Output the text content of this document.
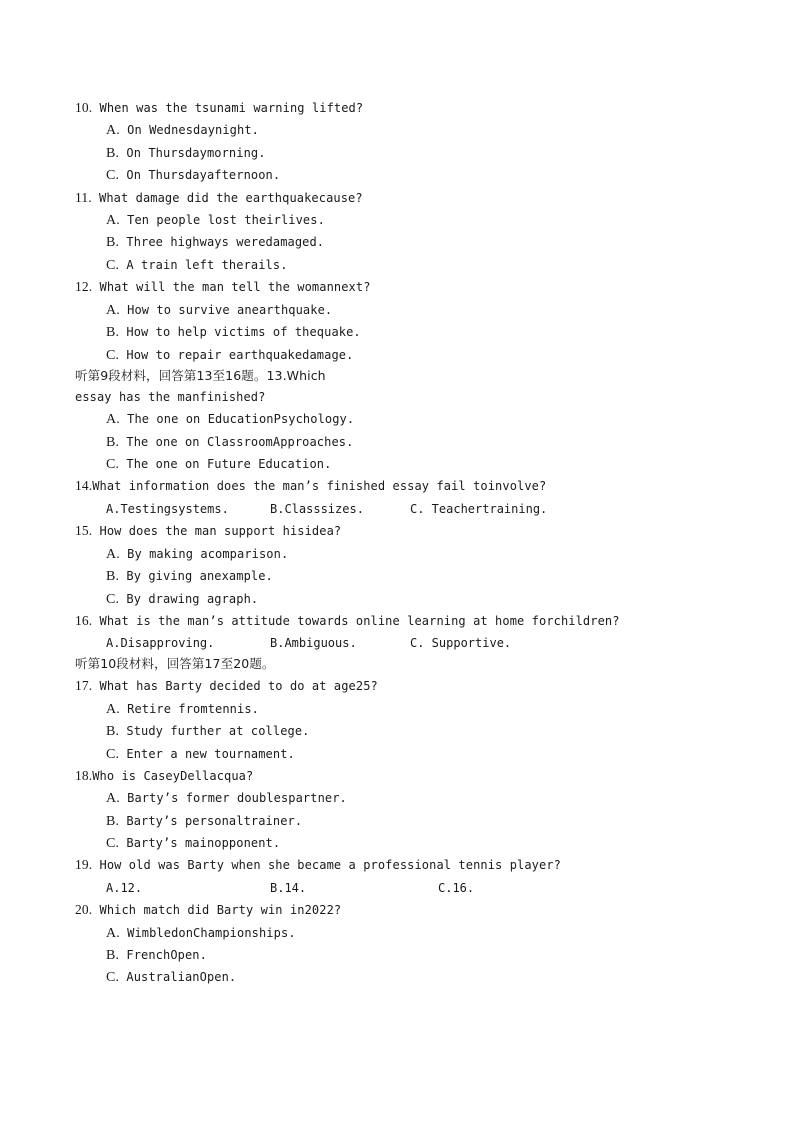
10. When was the tsunami warning lifted?
A. On Wednesdaynight.
B. On Thursdaymorning.
C. On Thursdayafternoon.
11. What damage did the earthquakecause?
A. Ten people lost theirlives.
B. Three highways weredamaged.
C. A train left therails.
12. What will the man tell the womannext?
A. How to survive anearthquake.
B. How to help victims of thequake.
C. How to repair earthquakedamage.
听第9段材料，回答第13至16题。13.Which
essay has the manfinished?
A. The one on EducationPsychology.
B. The one on ClassroomApproaches.
C. The one on Future Education.
14.What information does the man’s finished essay fail toinvolve?
A.Testingsystems.	B.Classsizes.	C. Teachertraining.
15. How does the man support hisidea?
A. By making acomparison.
B. By giving anexample.
C. By drawing agraph.
16. What is the man’s attitude towards online learning at home forchildren?
A.Disapproving.	B.Ambiguous.	C. Supportive.
听第10段材料，回答第17至20题。
17. What has Barty decided to do at age25?
A. Retire fromtennis.
B. Study further at college.
C. Enter a new tournament.
18.Who is CaseyDellacqua?
A. Barty’s former doublespartner.
B. Barty’s personaltrainer.
C. Barty’s mainopponent.
19. How old was Barty when she became a professional tennis player?
A.12.	B.14.	C.16.
20. Which match did Barty win in2022?
A. WimbledonChampionships.
B. FrenchOpen.
C. AustralianOpen.
